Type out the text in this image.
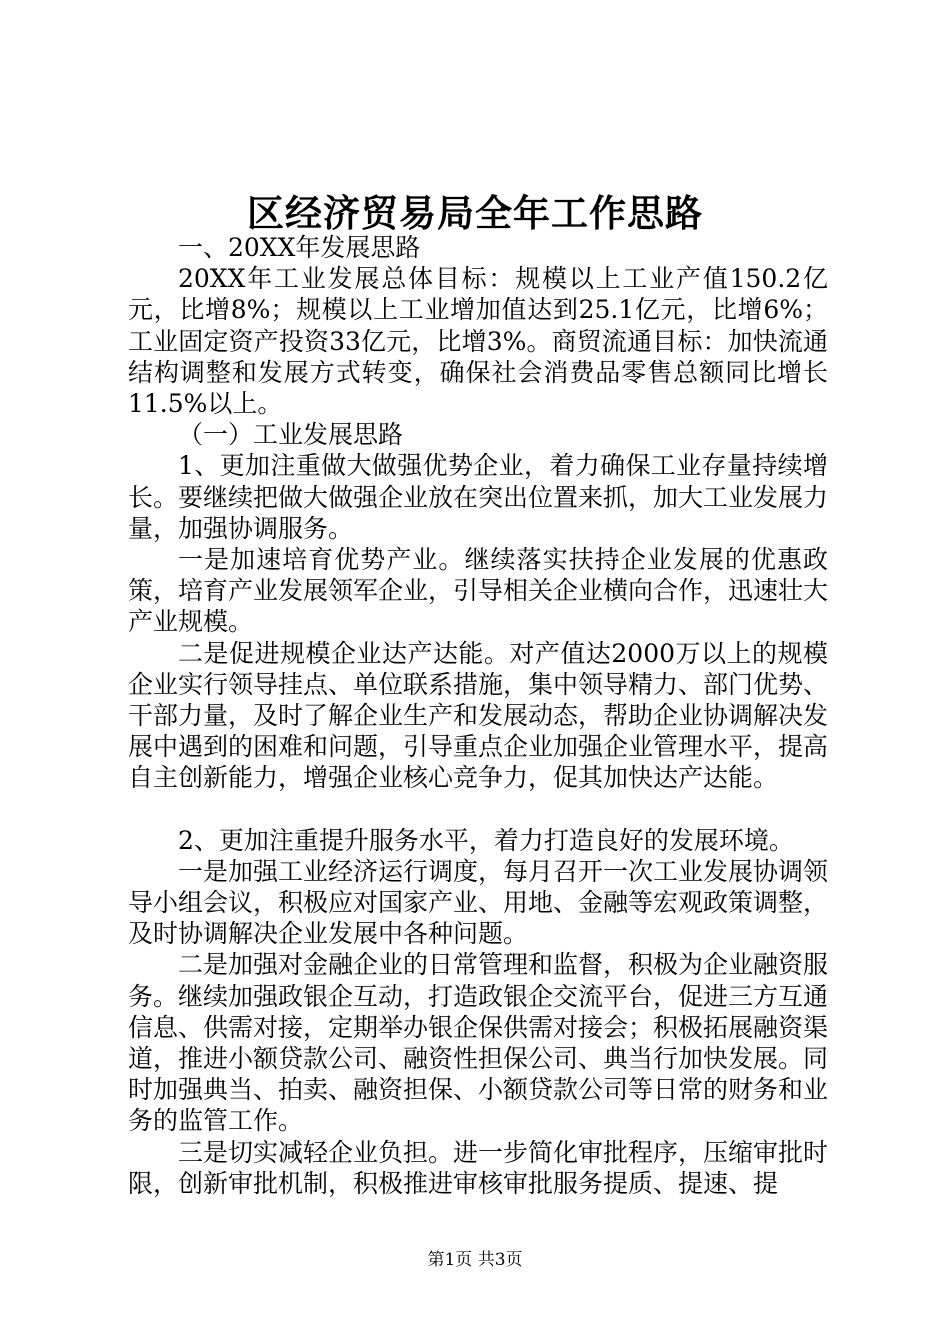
区经济贸易局全年工作思路

一、20XX年发展思路

20XX年工业发展总体目标：规模以上工业产值150.2亿元，比增8%；规模以上工业增加值达到25.1亿元，比增6%；工业固定资产投资33亿元，比增3%。商贸流通目标：加快流通结构调整和发展方式转变，确保社会消费品零售总额同比增长11.5%以上。

（一）工业发展思路

1、更加注重做大做强优势企业，着力确保工业存量持续增长。要继续把做大做强企业放在突出位置来抓，加大工业发展力量，加强协调服务。

一是加速培育优势产业。继续落实扶持企业发展的优惠政策，培育产业发展领军企业，引导相关企业横向合作，迅速壮大产业规模。

二是促进规模企业达产达能。对产值达2000万以上的规模企业实行领导挂点、单位联系措施，集中领导精力、部门优势、干部力量，及时了解企业生产和发展动态，帮助企业协调解决发展中遇到的困难和问题，引导重点企业加强企业管理水平，提高自主创新能力，增强企业核心竞争力，促其加快达产达能。

2、更加注重提升服务水平，着力打造良好的发展环境。

一是加强工业经济运行调度，每月召开一次工业发展协调领导小组会议，积极应对国家产业、用地、金融等宏观政策调整，及时协调解决企业发展中各种问题。

二是加强对金融企业的日常管理和监督，积极为企业融资服务。继续加强政银企互动，打造政银企交流平台，促进三方互通信息、供需对接，定期举办银企保供需对接会；积极拓展融资渠道，推进小额贷款公司、融资性担保公司、典当行加快发展。同时加强典当、拍卖、融资担保、小额贷款公司等日常的财务和业务的监管工作。

三是切实减轻企业负担。进一步简化审批程序，压缩审批时限，创新审批机制，积极推进审核审批服务提质、提速、提

第1页 共3页
